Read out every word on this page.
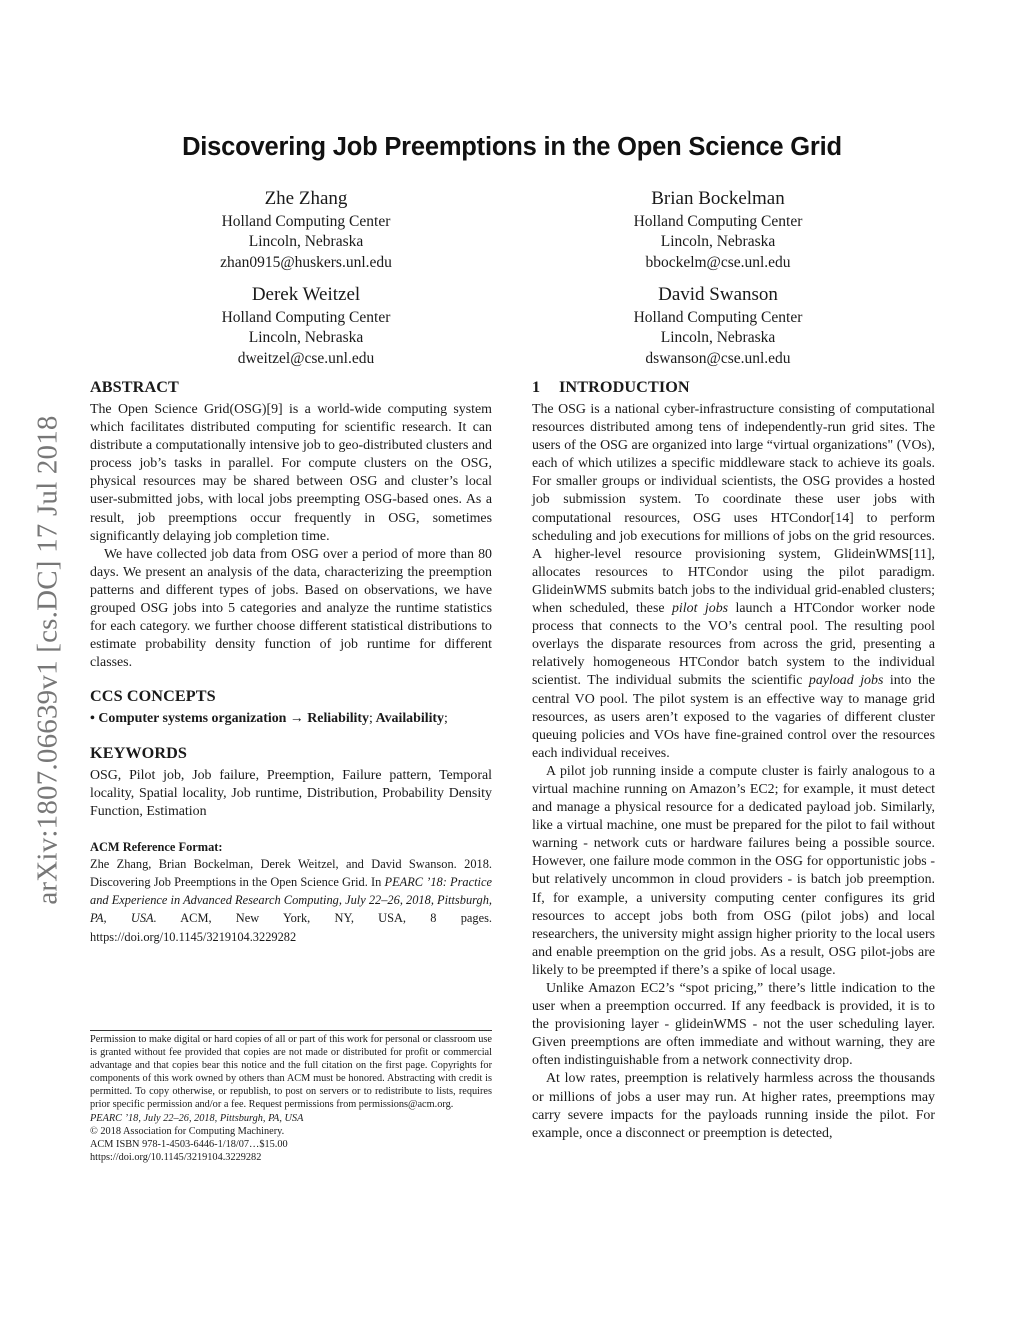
arXiv:1807.06639v1 [cs.DC] 17 Jul 2018
Discovering Job Preemptions in the Open Science Grid
Zhe Zhang
Holland Computing Center
Lincoln, Nebraska
zhan0915@huskers.unl.edu
Brian Bockelman
Holland Computing Center
Lincoln, Nebraska
bbockelm@cse.unl.edu
Derek Weitzel
Holland Computing Center
Lincoln, Nebraska
dweitzel@cse.unl.edu
David Swanson
Holland Computing Center
Lincoln, Nebraska
dswanson@cse.unl.edu
ABSTRACT

The Open Science Grid(OSG)[9] is a world-wide computing system which facilitates distributed computing for scientific research. It can distribute a computationally intensive job to geo-distributed clusters and process job’s tasks in parallel. For compute clusters on the OSG, physical resources may be shared between OSG and cluster’s local user-submitted jobs, with local jobs preempting OSG-based ones. As a result, job preemptions occur frequently in OSG, sometimes significantly delaying job completion time.

We have collected job data from OSG over a period of more than 80 days. We present an analysis of the data, characterizing the preemption patterns and different types of jobs. Based on observations, we have grouped OSG jobs into 5 categories and analyze the runtime statistics for each category. we further choose different statistical distributions to estimate probability density function of job runtime for different classes.

CCS CONCEPTS

• Computer systems organization → Reliability; Availability;

KEYWORDS

OSG, Pilot job, Job failure, Preemption, Failure pattern, Temporal locality, Spatial locality, Job runtime, Distribution, Probability Density Function, Estimation

ACM Reference Format:

Zhe Zhang, Brian Bockelman, Derek Weitzel, and David Swanson. 2018. Discovering Job Preemptions in the Open Science Grid. In PEARC ’18: Practice and Experience in Advanced Research Computing, July 22–26, 2018, Pittsburgh, PA, USA. ACM, New York, NY, USA, 8 pages. https://doi.org/10.1145/3219104.3229282

Permission to make digital or hard copies of all or part of this work for personal or classroom use is granted without fee provided that copies are not made or distributed for profit or commercial advantage and that copies bear this notice and the full citation on the first page. Copyrights for components of this work owned by others than ACM must be honored. Abstracting with credit is permitted. To copy otherwise, or republish, to post on servers or to redistribute to lists, requires prior specific permission and/or a fee. Request permissions from permissions@acm.org.
PEARC ’18, July 22–26, 2018, Pittsburgh, PA, USA
© 2018 Association for Computing Machinery.
ACM ISBN 978-1-4503-6446-1/18/07…$15.00
https://doi.org/10.1145/3219104.3229282
1 INTRODUCTION

The OSG is a national cyber-infrastructure consisting of computational resources distributed among tens of independently-run grid sites. The users of the OSG are organized into large “virtual organizations" (VOs), each of which utilizes a specific middleware stack to achieve its goals. For smaller groups or individual scientists, the OSG provides a hosted job submission system. To coordinate these user jobs with computational resources, OSG uses HTCondor[14] to perform scheduling and job executions for millions of jobs on the grid resources. A higher-level resource provisioning system, GlideinWMS[11], allocates resources to HTCondor using the pilot paradigm. GlideinWMS submits batch jobs to the individual grid-enabled clusters; when scheduled, these pilot jobs launch a HTCondor worker node process that connects to the VO’s central pool. The resulting pool overlays the disparate resources from across the grid, presenting a relatively homogeneous HTCondor batch system to the individual scientist. The individual submits the scientific payload jobs into the central VO pool. The pilot system is an effective way to manage grid resources, as users aren’t exposed to the vagaries of different cluster queuing policies and VOs have fine-grained control over the resources each individual receives.

A pilot job running inside a compute cluster is fairly analogous to a virtual machine running on Amazon’s EC2; for example, it must detect and manage a physical resource for a dedicated payload job. Similarly, like a virtual machine, one must be prepared for the pilot to fail without warning - network cuts or hardware failures being a possible source. However, one failure mode common in the OSG for opportunistic jobs - but relatively uncommon in cloud providers - is batch job preemption. If, for example, a university computing center configures its grid resources to accept jobs both from OSG (pilot jobs) and local researchers, the university might assign higher priority to the local users and enable preemption on the grid jobs. As a result, OSG pilot-jobs are likely to be preempted if there’s a spike of local usage.

Unlike Amazon EC2’s “spot pricing,” there’s little indication to the user when a preemption occurred. If any feedback is provided, it is to the provisioning layer - glideinWMS - not the user scheduling layer. Given preemptions are often immediate and without warning, they are often indistinguishable from a network connectivity drop.

At low rates, preemption is relatively harmless across the thousands or millions of jobs a user may run. At higher rates, preemptions may carry severe impacts for the payloads running inside the pilot. For example, once a disconnect or preemption is detected,
